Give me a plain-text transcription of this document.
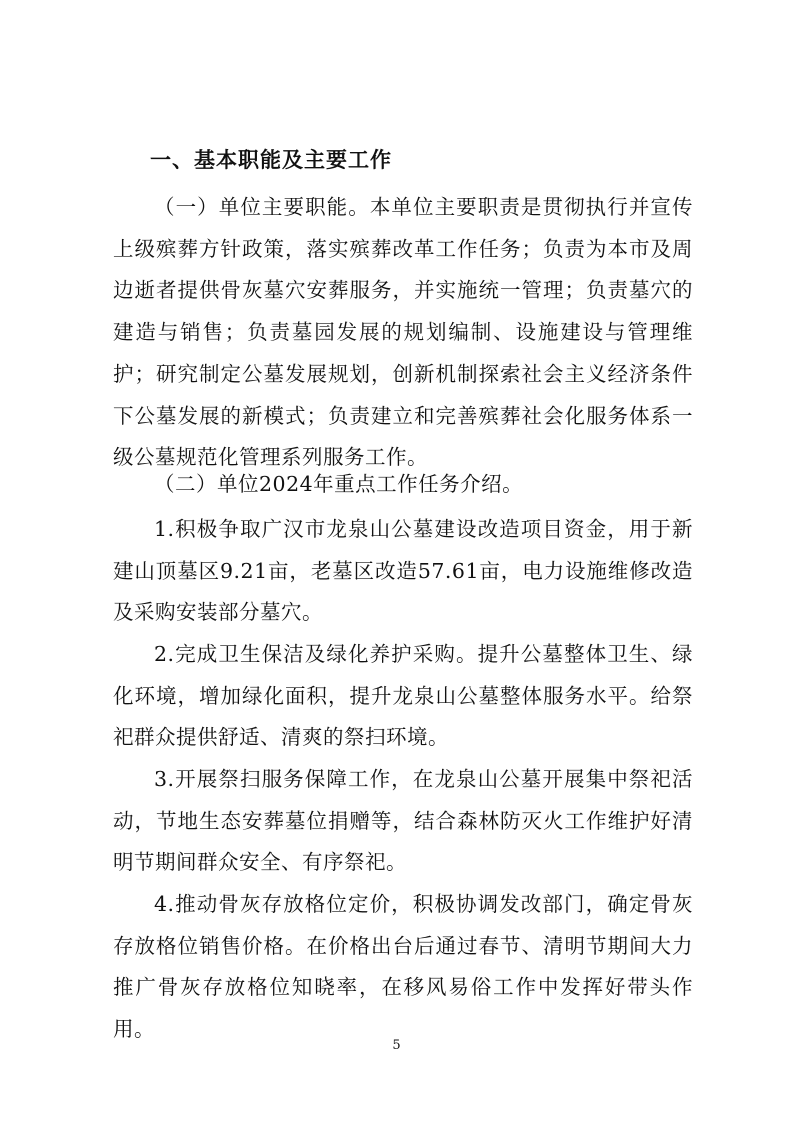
一、基本职能及主要工作
（一）单位主要职能。本单位主要职责是贯彻执行并宣传上级殡葬方针政策，落实殡葬改革工作任务；负责为本市及周边逝者提供骨灰墓穴安葬服务，并实施统一管理；负责墓穴的建造与销售；负责墓园发展的规划编制、设施建设与管理维护；研究制定公墓发展规划，创新机制探索社会主义经济条件下公墓发展的新模式；负责建立和完善殡葬社会化服务体系一级公墓规范化管理系列服务工作。
（二）单位2024年重点工作任务介绍。
1.积极争取广汉市龙泉山公墓建设改造项目资金，用于新建山顶墓区9.21亩，老墓区改造57.61亩，电力设施维修改造及采购安装部分墓穴。
2.完成卫生保洁及绿化养护采购。提升公墓整体卫生、绿化环境，增加绿化面积，提升龙泉山公墓整体服务水平。给祭祀群众提供舒适、清爽的祭扫环境。
3.开展祭扫服务保障工作，在龙泉山公墓开展集中祭祀活动，节地生态安葬墓位捐赠等，结合森林防灭火工作维护好清明节期间群众安全、有序祭祀。
4.推动骨灰存放格位定价，积极协调发改部门，确定骨灰存放格位销售价格。在价格出台后通过春节、清明节期间大力推广骨灰存放格位知晓率，在移风易俗工作中发挥好带头作用。
5
